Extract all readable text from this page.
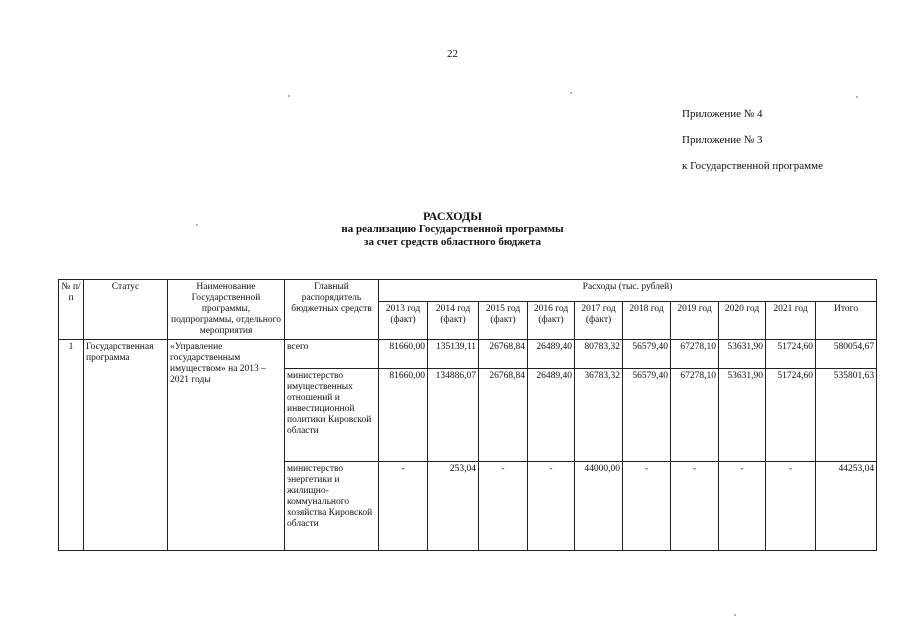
22
Приложение № 4
Приложение № 3
к Государственной программе
РАСХОДЫ
на реализацию Государственной программы
за счет средств областного бюджета
№ п/п	Статус	Наименование Государственной программы, подпрограммы, отдельного мероприятия	Главный распорядитель бюджетных средств	Расходы (тыс. рублей)									
				2013 год (факт)	2014 год (факт)	2015 год (факт)	2016 год (факт)	2017 год (факт)	2018 год	2019 год	2020 год	2021 год	Итого
1	Государственная программа	«Управление государственным имуществом» на 2013 – 2021 годы	всего	81660,00	135139,11	26768,84	26489,40	80783,32	56579,40	67278,10	53631,90	51724,60	580054,67
			министерство имущественных отношений и инвестиционной политики Кировской области	81660,00	134886,07	26768,84	26489,40	36783,32	56579,40	67278,10	53631,90	51724,60	535801,63
			министерство энергетики и жилищно-коммунального хозяйства Кировской области	-	253,04	-	-	44000,00	-	-	-	-	44253,04
